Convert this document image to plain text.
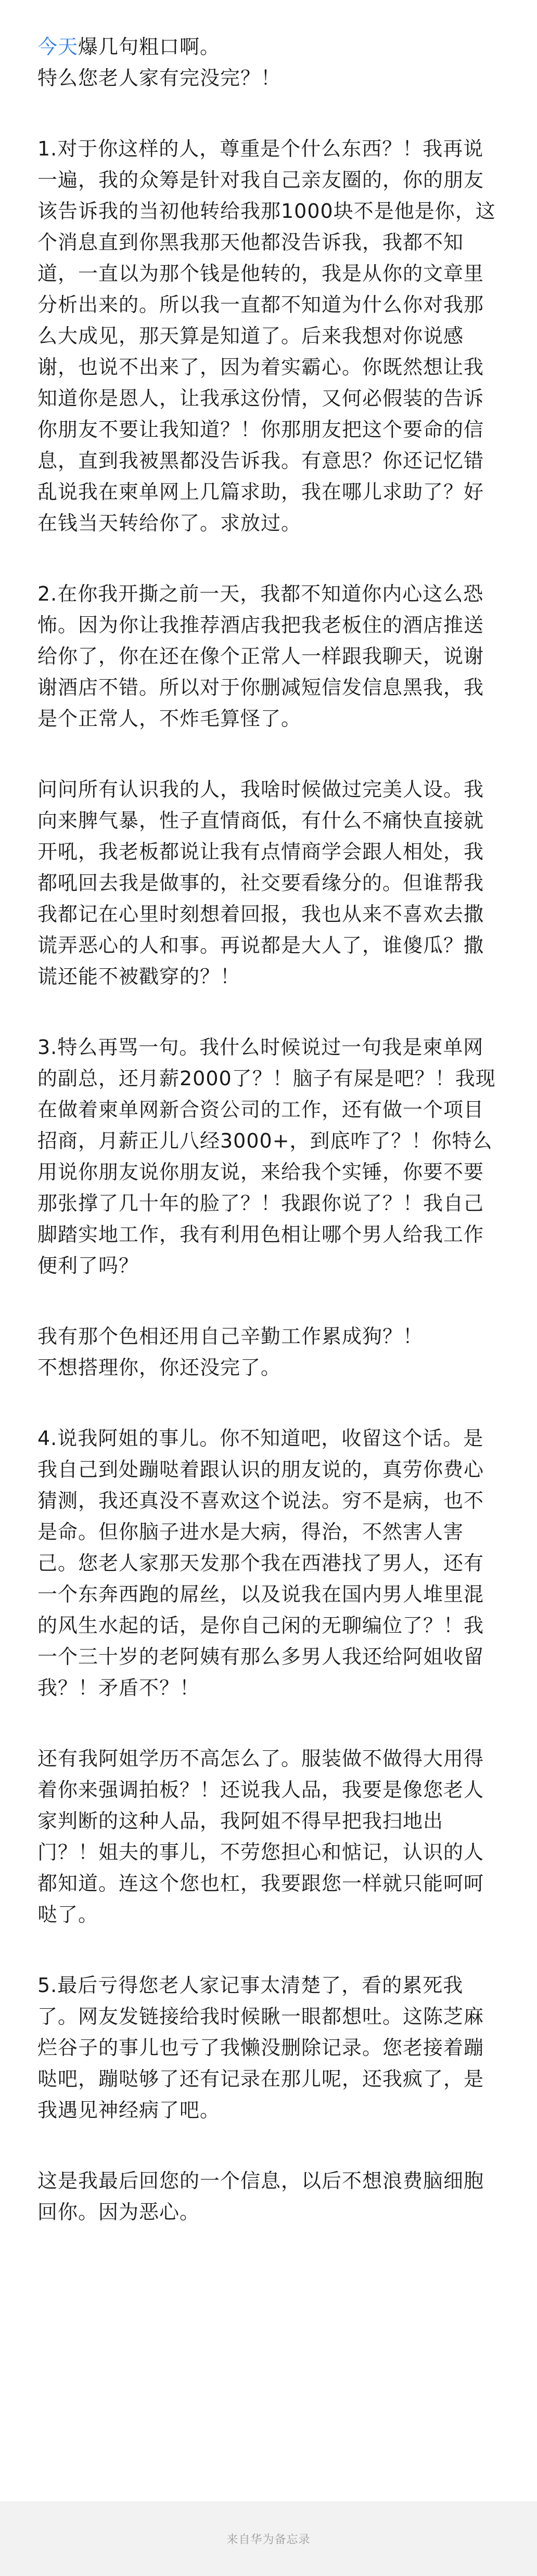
今天爆几句粗口啊。
特么您老人家有完没完？！

1.对于你这样的人，尊重是个什么东西？！我再说一遍，我的众筹是针对我自己亲友圈的，你的朋友该告诉我的当初他转给我那1000块不是他是你，这个消息直到你黑我那天他都没告诉我，我都不知道，一直以为那个钱是他转的，我是从你的文章里分析出来的。所以我一直都不知道为什么你对我那么大成见，那天算是知道了。后来我想对你说感谢，也说不出来了，因为着实霸心。你既然想让我知道你是恩人，让我承这份情，又何必假装的告诉你朋友不要让我知道？！你那朋友把这个要命的信息，直到我被黑都没告诉我。有意思？你还记忆错乱说我在柬单网上几篇求助，我在哪儿求助了？好在钱当天转给你了。求放过。

2.在你我开撕之前一天，我都不知道你内心这么恐怖。因为你让我推荐酒店我把我老板住的酒店推送给你了，你在还在像个正常人一样跟我聊天，说谢谢酒店不错。所以对于你删减短信发信息黑我，我是个正常人，不炸毛算怪了。

问问所有认识我的人，我啥时候做过完美人设。我向来脾气暴，性子直情商低，有什么不痛快直接就开吼，我老板都说让我有点情商学会跟人相处，我都吼回去我是做事的，社交要看缘分的。但谁帮我我都记在心里时刻想着回报，我也从来不喜欢去撒谎弄恶心的人和事。再说都是大人了，谁傻瓜？撒谎还能不被戳穿的？！

3.特么再骂一句。我什么时候说过一句我是柬单网的副总，还月薪2000了？！脑子有屎是吧？！我现在做着柬单网新合资公司的工作，还有做一个项目招商，月薪正儿八经3000+，到底咋了？！你特么用说你朋友说你朋友说，来给我个实锤，你要不要那张撑了几十年的脸了？！我跟你说了？！我自己脚踏实地工作，我有利用色相让哪个男人给我工作便利了吗？

我有那个色相还用自己辛勤工作累成狗？！
不想搭理你，你还没完了。

4.说我阿姐的事儿。你不知道吧，收留这个话。是我自己到处蹦哒着跟认识的朋友说的，真劳你费心猜测，我还真没不喜欢这个说法。穷不是病，也不是命。但你脑子进水是大病，得治，不然害人害己。您老人家那天发那个我在西港找了男人，还有一个东奔西跑的屌丝，以及说我在国内男人堆里混的风生水起的话，是你自己闲的无聊编位了？！我一个三十岁的老阿姨有那么多男人我还给阿姐收留我？！矛盾不？！

还有我阿姐学历不高怎么了。服装做不做得大用得着你来强调拍板？！还说我人品，我要是像您老人家判断的这种人品，我阿姐不得早把我扫地出门？！姐夫的事儿，不劳您担心和惦记，认识的人都知道。连这个您也杠，我要跟您一样就只能呵呵哒了。

5.最后亏得您老人家记事太清楚了，看的累死我了。网友发链接给我时候瞅一眼都想吐。这陈芝麻烂谷子的事儿也亏了我懒没删除记录。您老接着蹦哒吧，蹦哒够了还有记录在那儿呢，还我疯了，是我遇见神经病了吧。

这是我最后回您的一个信息，以后不想浪费脑细胞回你。因为恶心。

来自华为备忘录
